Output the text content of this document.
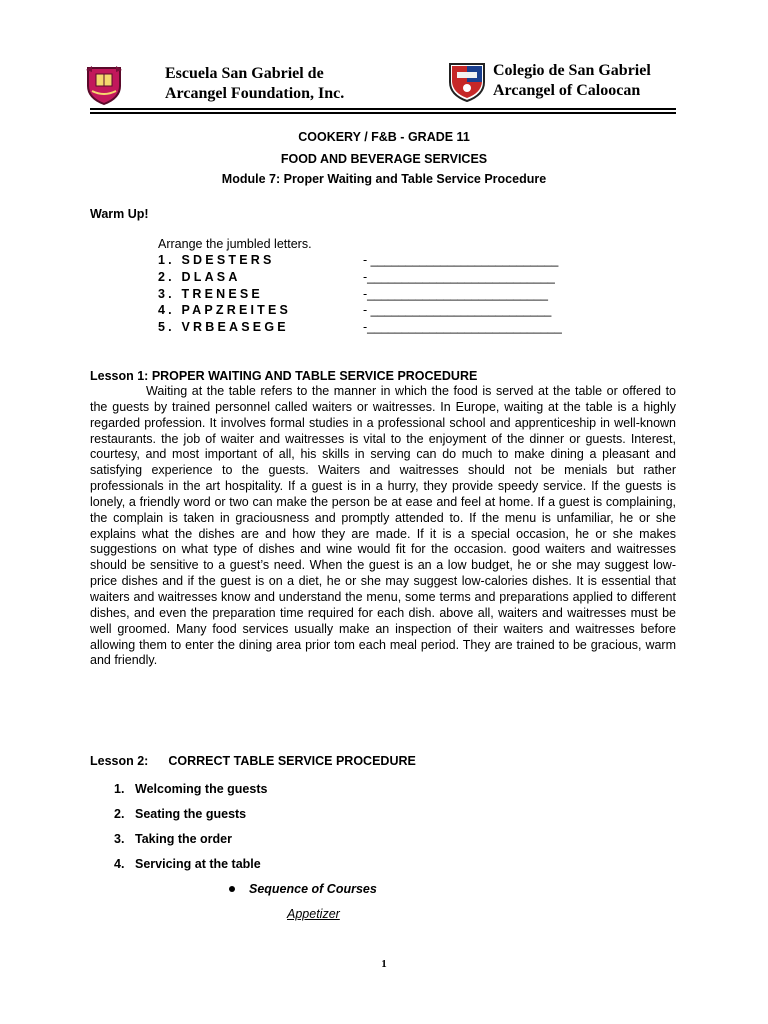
Escuela San Gabriel de
Arcangel Foundation, Inc.
Colegio de San Gabriel
Arcangel of Caloocan
COOKERY / F&B - GRADE 11
FOOD AND BEVERAGE SERVICES
Module 7: Proper Waiting and Table Service Procedure
Warm Up!
Arrange the jumbled letters.
1. SDESTERS	- ___________________________
2. DLASA	-___________________________
3. TRENESE	-__________________________
4. PAPZREITES	- __________________________
5. VRBEASEGE	-____________________________
Lesson 1: PROPER WAITING AND TABLE SERVICE PROCEDURE

Waiting at the table refers to the manner in which the food is served at the table or offered to the guests by trained personnel called waiters or waitresses. In Europe, waiting at the table is a highly regarded profession. It involves formal studies in a professional school and apprenticeship in well-known restaurants. the job of waiter and waitresses is vital to the enjoyment of the dinner or guests. Interest, courtesy, and most important of all, his skills in serving can do much to make dining a pleasant and satisfying experience to the guests. Waiters and waitresses should not be menials but rather professionals in the art hospitality. If a guest is in a hurry, they provide speedy service. If the guests is lonely, a friendly word or two can make the person be at ease and feel at home. If a guest is complaining, the complain is taken in graciousness and promptly attended to. If the menu is unfamiliar, he or she explains what the dishes are and how they are made. If it is a special occasion, he or she makes suggestions on what type of dishes and wine would fit for the occasion. good waiters and waitresses should be sensitive to a guest’s need. When the guest is an a low budget, he or she may suggest low-price dishes and if the guest is on a diet, he or she may suggest low-calories dishes. It is essential that waiters and waitresses know and understand the menu, some terms and preparations applied to different dishes, and even the preparation time required for each dish. above all, waiters and waitresses must be well groomed. Many food services usually make an inspection of their waiters and waitresses before allowing them to enter the dining area prior tom each meal period. They are trained to be gracious, warm and friendly.

Lesson 2: CORRECT TABLE SERVICE PROCEDURE
1. Welcoming the guests
2. Seating the guests
3. Taking the order
4. Servicing at the table
Sequence of Courses
Appetizer
1
